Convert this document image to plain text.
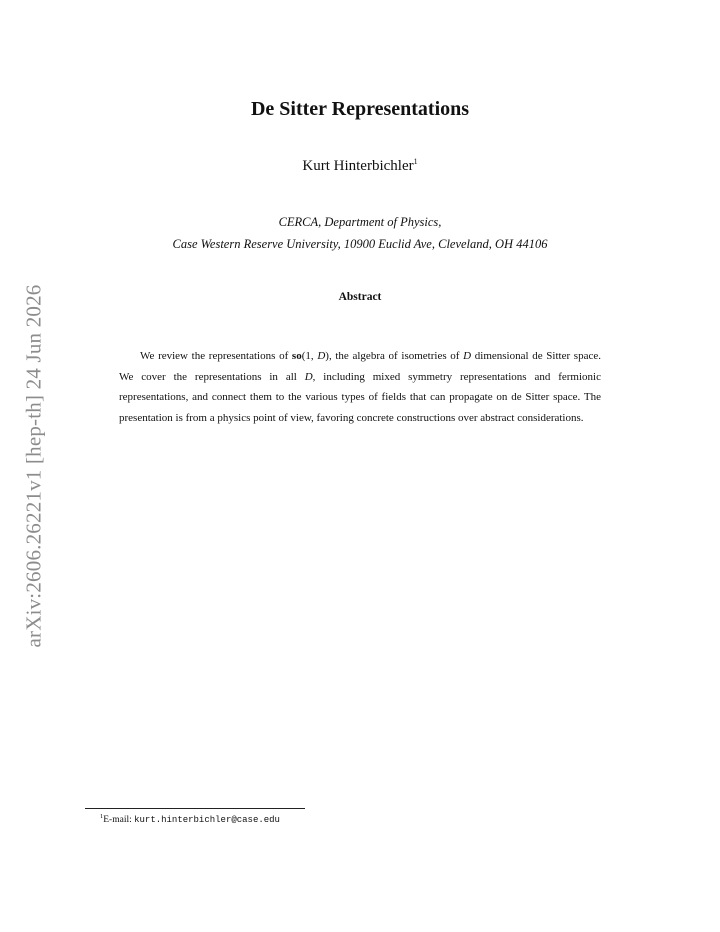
arXiv:2606.26221v1 [hep-th] 24 Jun 2026
De Sitter Representations
Kurt Hinterbichler$^1$
CERCA, Department of Physics,
Case Western Reserve University, 10900 Euclid Ave, Cleveland, OH 44106
Abstract
We review the representations of so(1, D), the algebra of isometries of D dimensional de Sitter space. We cover the representations in all D, including mixed symmetry representations and fermionic representations, and connect them to the various types of fields that can propagate on de Sitter space. The presentation is from a physics point of view, favoring concrete constructions over abstract considerations.
$^1$E-mail: kurt.hinterbichler@case.edu
